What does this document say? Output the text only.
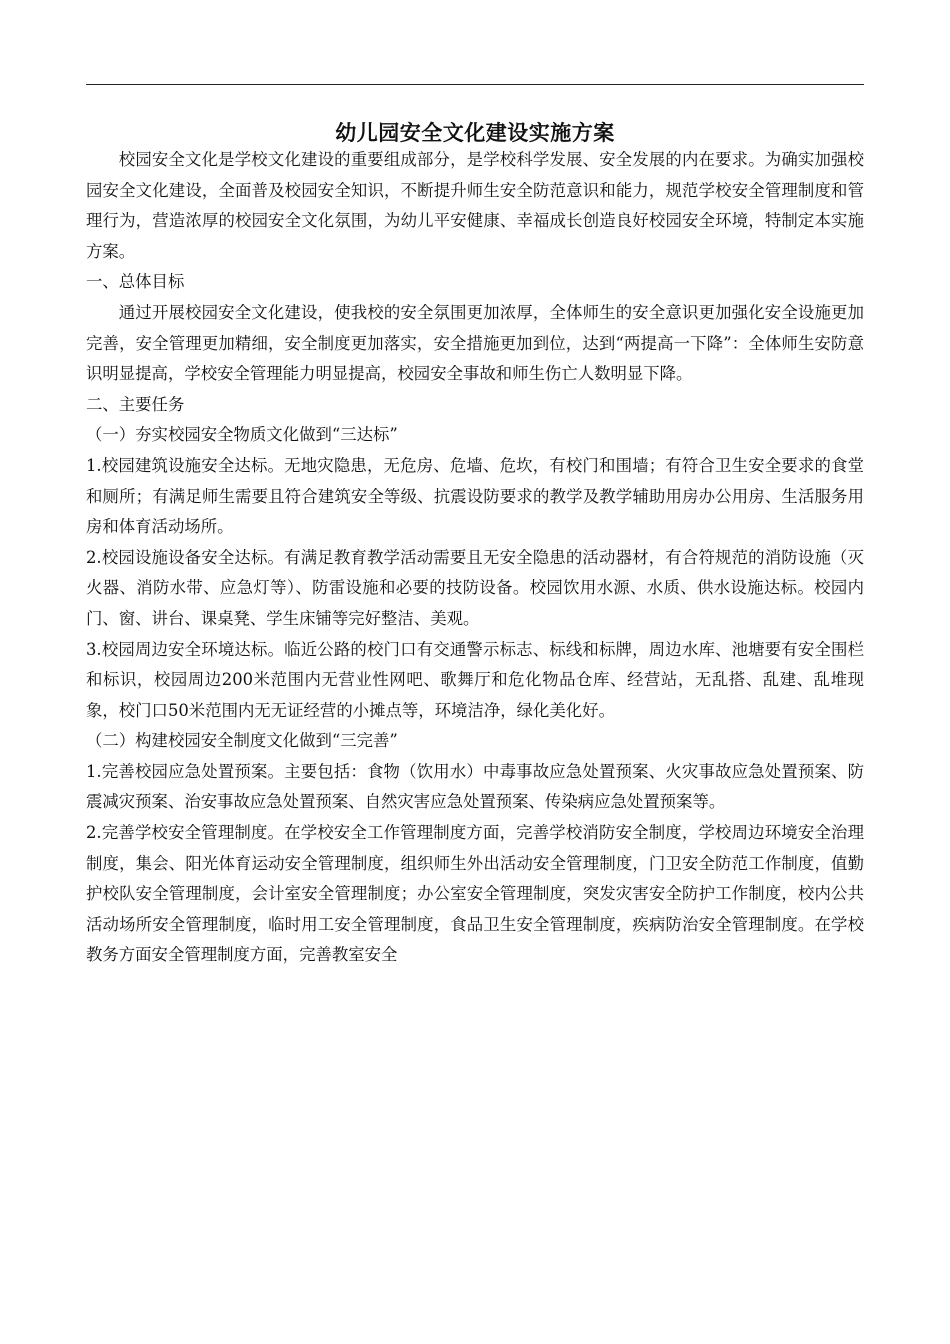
幼儿园安全文化建设实施方案

校园安全文化是学校文化建设的重要组成部分，是学校科学发展、安全发展的内在要求。为确实加强校园安全文化建设，全面普及校园安全知识，不断提升师生安全防范意识和能力，规范学校安全管理制度和管理行为，营造浓厚的校园安全文化氛围，为幼儿平安健康、幸福成长创造良好校园安全环境，特制定本实施方案。

一、总体目标

通过开展校园安全文化建设，使我校的安全氛围更加浓厚，全体师生的安全意识更加强化安全设施更加完善，安全管理更加精细，安全制度更加落实，安全措施更加到位，达到“两提高一下降”：全体师生安防意识明显提高，学校安全管理能力明显提高，校园安全事故和师生伤亡人数明显下降。

二、主要任务

（一）夯实校园安全物质文化做到“三达标”

1.校园建筑设施安全达标。无地灾隐患，无危房、危墙、危坎，有校门和围墙；有符合卫生安全要求的食堂和厕所；有满足师生需要且符合建筑安全等级、抗震设防要求的教学及教学辅助用房办公用房、生活服务用房和体育活动场所。

2.校园设施设备安全达标。有满足教育教学活动需要且无安全隐患的活动器材，有合符规范的消防设施（灭火器、消防水带、应急灯等）、防雷设施和必要的技防设备。校园饮用水源、水质、供水设施达标。校园内门、窗、讲台、课桌凳、学生床铺等完好整洁、美观。

3.校园周边安全环境达标。临近公路的校门口有交通警示标志、标线和标牌，周边水库、池塘要有安全围栏和标识，校园周边200米范围内无营业性网吧、歌舞厅和危化物品仓库、经营站，无乱搭、乱建、乱堆现象，校门口50米范围内无无证经营的小摊点等，环境洁净，绿化美化好。

（二）构建校园安全制度文化做到“三完善”

1.完善校园应急处置预案。主要包括：食物（饮用水）中毒事故应急处置预案、火灾事故应急处置预案、防震减灾预案、治安事故应急处置预案、自然灾害应急处置预案、传染病应急处置预案等。

2.完善学校安全管理制度。在学校安全工作管理制度方面，完善学校消防安全制度，学校周边环境安全治理制度，集会、阳光体育运动安全管理制度，组织师生外出活动安全管理制度，门卫安全防范工作制度，值勤护校队安全管理制度，会计室安全管理制度；办公室安全管理制度，突发灾害安全防护工作制度，校内公共活动场所安全管理制度，临时用工安全管理制度，食品卫生安全管理制度，疾病防治安全管理制度。在学校教务方面安全管理制度方面，完善教室安全
